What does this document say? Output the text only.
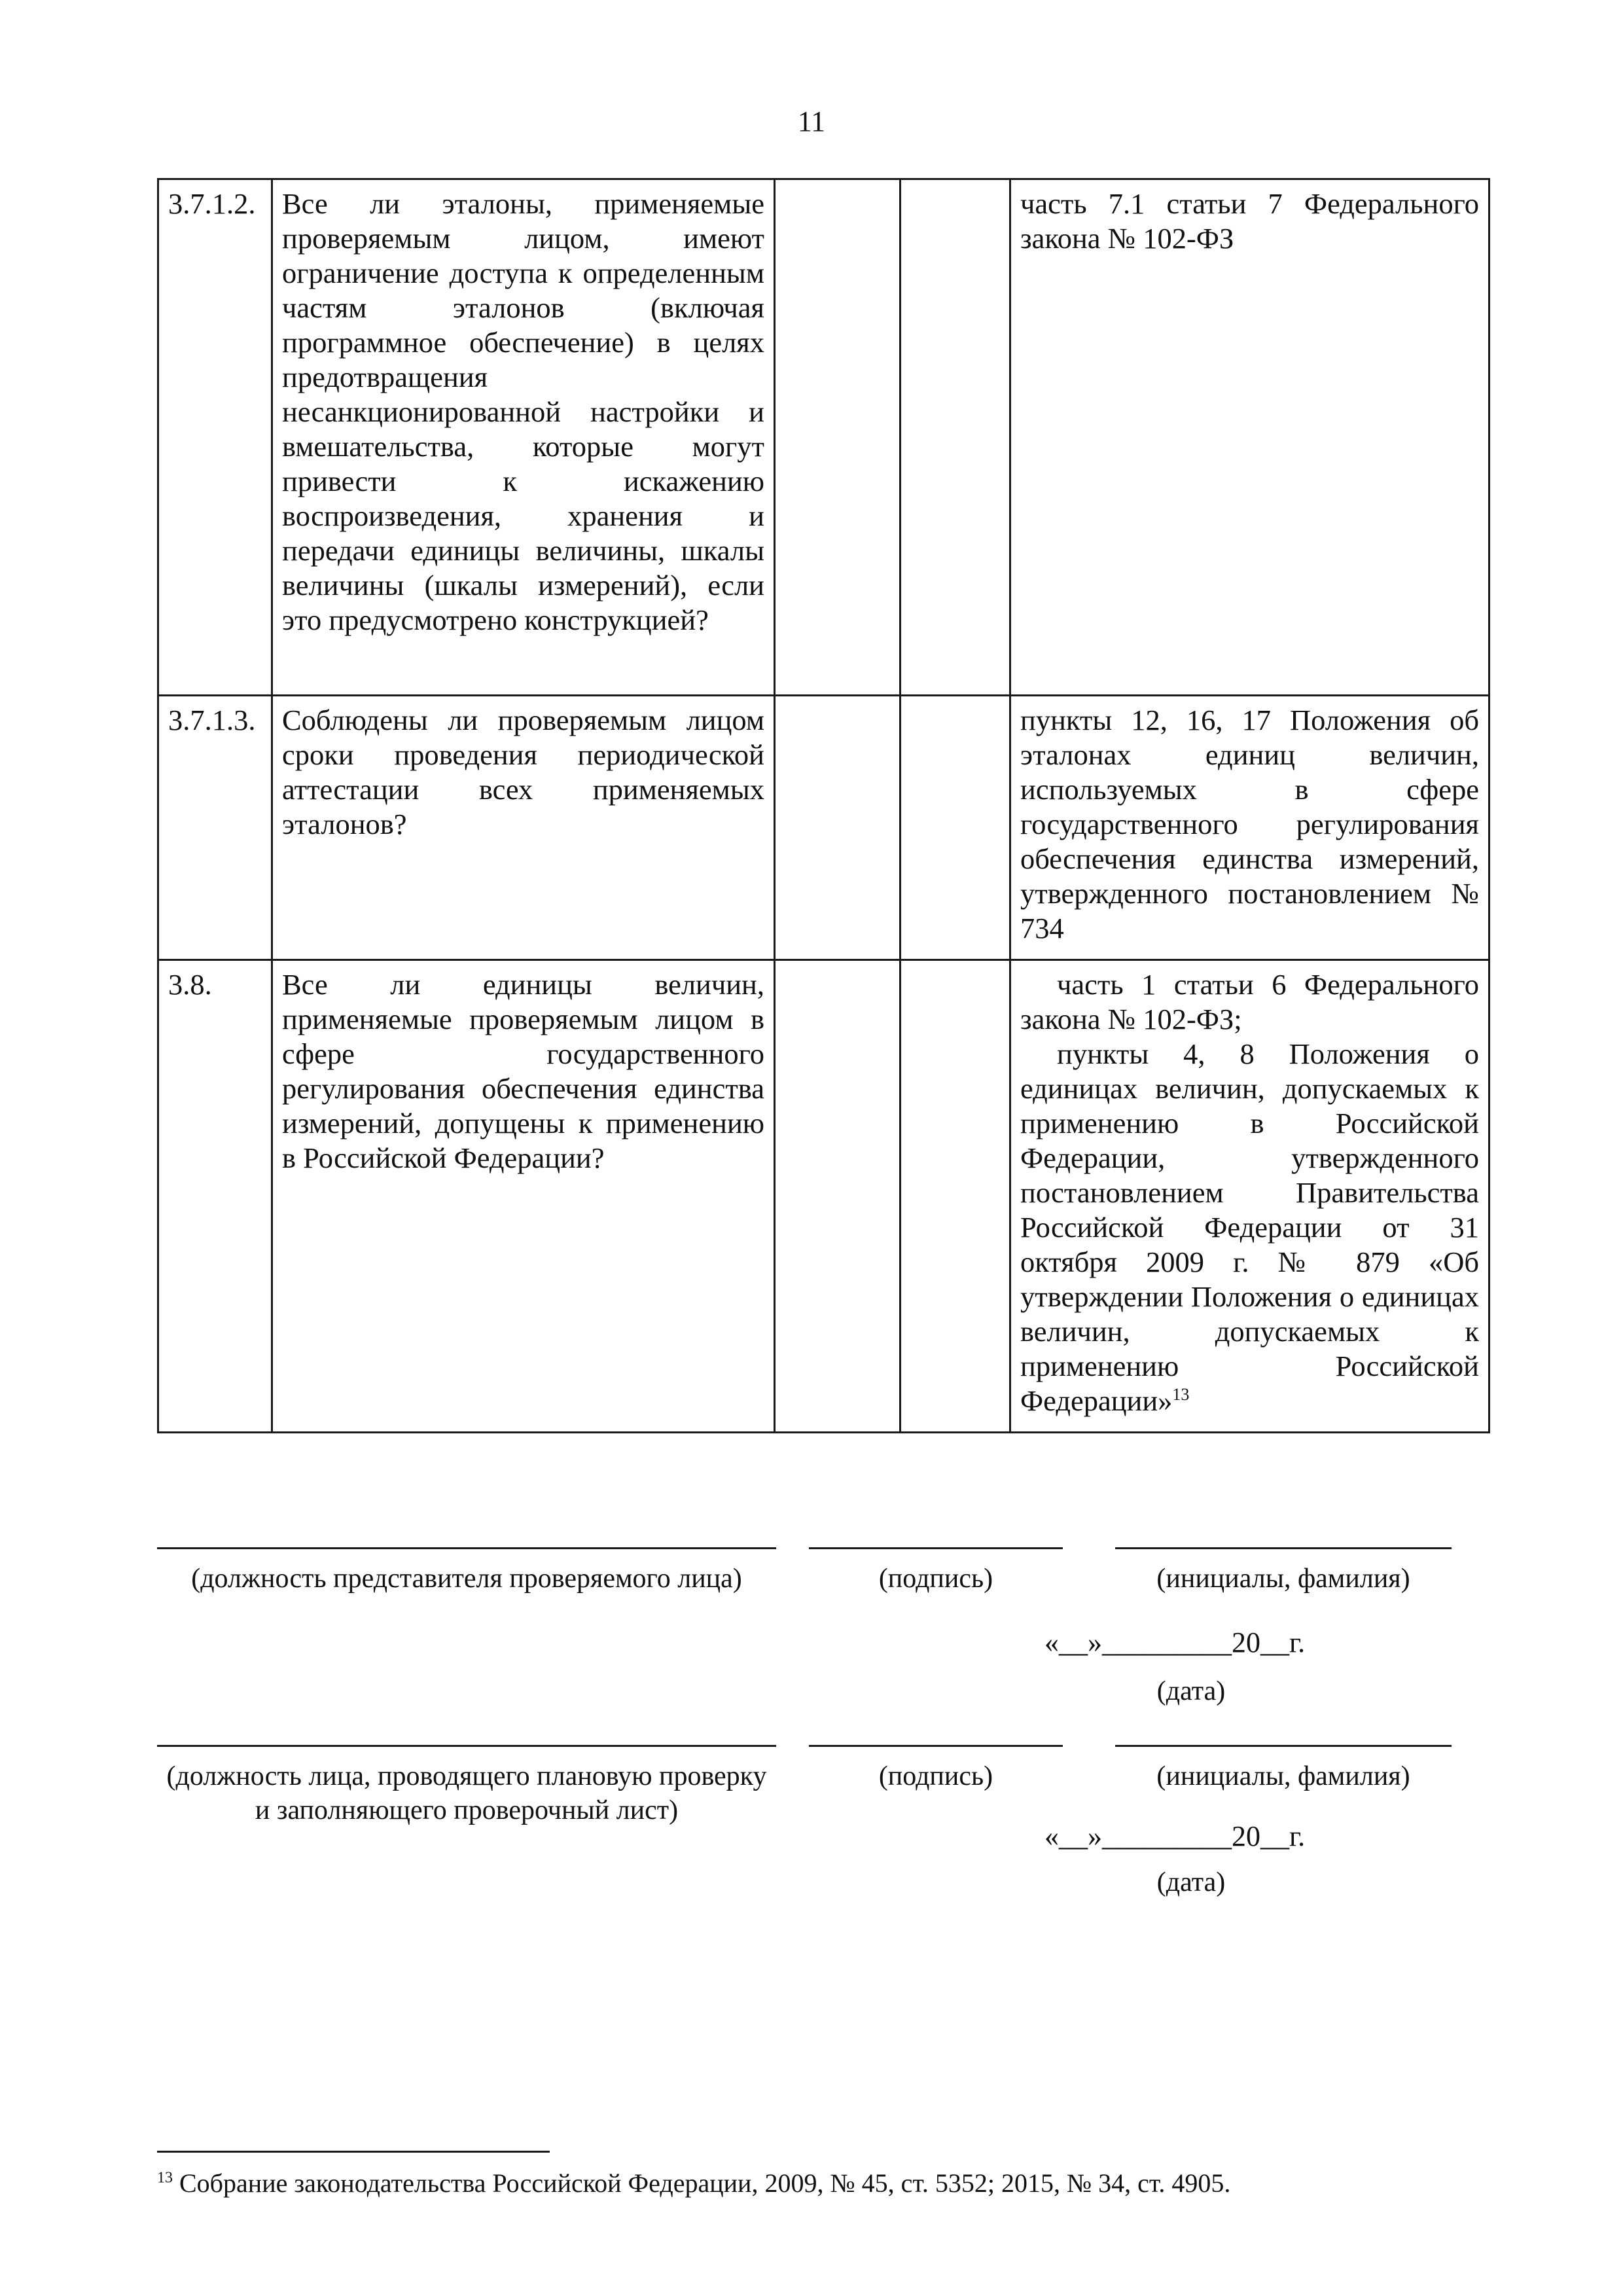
11
3.7.1.2.	Все ли эталоны, применяемые проверяемым лицом, имеют ограничение доступа к определенным частям эталонов (включая программное обеспечение) в целях предотвращения несанкционированной настройки и вмешательства, которые могут привести к искажению воспроизведения, хранения и передачи единицы величины, шкалы величины (шкалы измерений), если это предусмотрено конструкцией?			часть 7.1 статьи 7 Федерального закона № 102-ФЗ

3.7.1.3.	Соблюдены ли проверяемым лицом сроки проведения периодической аттестации всех применяемых эталонов?			пункты 12, 16, 17 Положения об эталонах единиц величин, используемых в сфере государственного регулирования обеспечения единства измерений, утвержденного постановлением № 734

3.8.	Все ли единицы величин, применяемые проверяемым лицом в сфере государственного регулирования обеспечения единства измерений, допущены к применению в Российской Федерации?			часть 1 статьи 6 Федерального закона № 102-ФЗ;

пункты 4, 8 Положения о единицах величин, допускаемых к применению в Российской Федерации, утвержденного постановлением Правительства Российской Федерации от 31 октября 2009 г. № 879 «Об утверждении Положения о единицах величин, допускаемых к применению Российской Федерации»$^{13}$

(должность представителя проверяемого лица)	(подпись)	(инициалы, фамилия)
«__»_________20__г.
(дата)
(должность лица, проводящего плановую проверку и заполняющего проверочный лист)
(подпись)	(инициалы, фамилия)
«__»_________20__г.
(дата)
$^{13}$ Собрание законодательства Российской Федерации, 2009, № 45, ст. 5352; 2015, № 34, ст. 4905.
